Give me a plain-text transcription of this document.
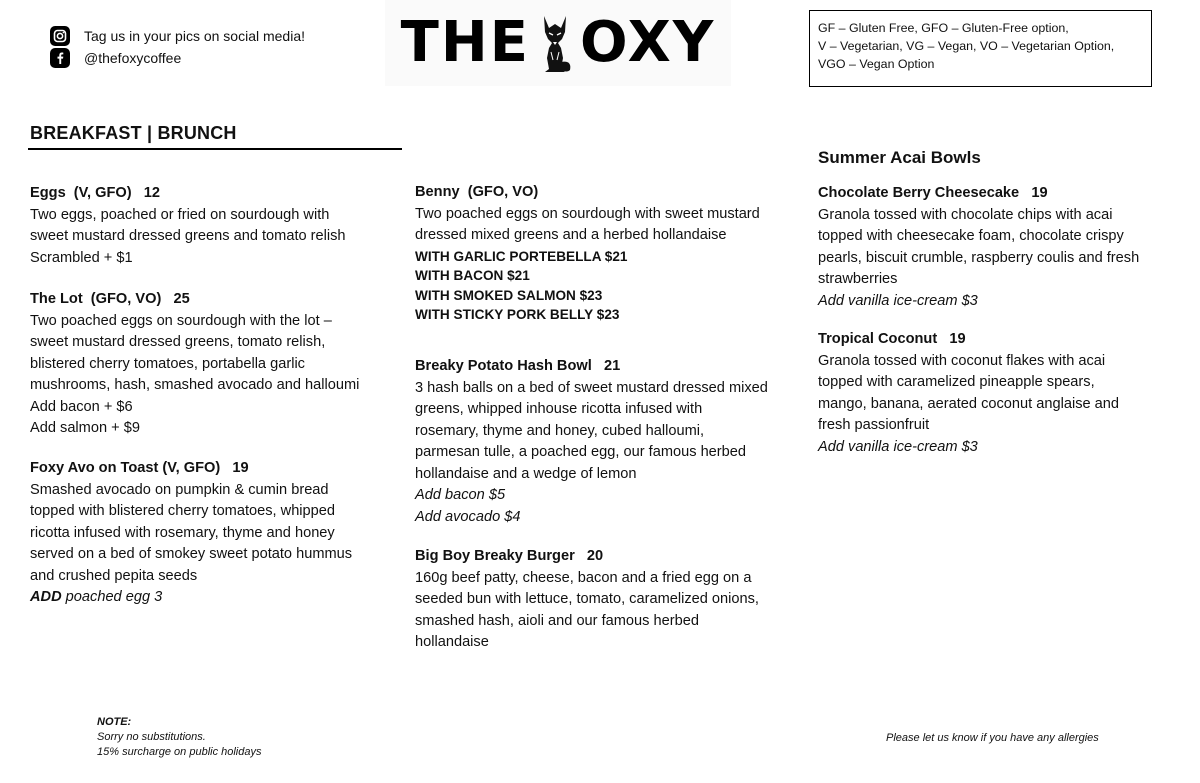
Tag us in your pics on social media!
@thefoxycoffee	THE OXY	GF – Gluten Free, GFO – Gluten-Free option,
V – Vegetarian, VG – Vegan, VO – Vegetarian Option,
VGO – Vegan Option
BREAKFAST | BRUNCH
Summer Acai Bowls
Eggs  (V, GFO)   12
Two eggs, poached or fried on sourdough with
sweet mustard dressed greens and tomato relish
Scrambled + $1
The Lot  (GFO, VO)   25
Two poached eggs on sourdough with the lot –
sweet mustard dressed greens, tomato relish,
blistered cherry tomatoes, portabella garlic
mushrooms, hash, smashed avocado and halloumi
Add bacon + $6
Add salmon + $9
Foxy Avo on Toast (V, GFO)   19
Smashed avocado on pumpkin & cumin bread
topped with blistered cherry tomatoes, whipped
ricotta infused with rosemary, thyme and honey
served on a bed of smokey sweet potato hummus
and crushed pepita seeds
ADD poached egg 3
Benny  (GFO, VO)
Two poached eggs on sourdough with sweet mustard
dressed mixed greens and a herbed hollandaise
WITH GARLIC PORTEBELLA $21
WITH BACON $21
WITH SMOKED SALMON $23
WITH STICKY PORK BELLY $23
Breaky Potato Hash Bowl   21
3 hash balls on a bed of sweet mustard dressed mixed
greens, whipped inhouse ricotta infused with
rosemary, thyme and honey, cubed halloumi,
parmesan tulle, a poached egg, our famous herbed
hollandaise and a wedge of lemon
Add bacon $5
Add avocado $4
Big Boy Breaky Burger   20
160g beef patty, cheese, bacon and a fried egg on a
seeded bun with lettuce, tomato, caramelized onions,
smashed hash, aioli and our famous herbed
hollandaise
Chocolate Berry Cheesecake   19
Granola tossed with chocolate chips with acai
topped with cheesecake foam, chocolate crispy
pearls, biscuit crumble, raspberry coulis and fresh
strawberries
Add vanilla ice-cream $3
Tropical Coconut   19
Granola tossed with coconut flakes with acai
topped with caramelized pineapple spears,
mango, banana, aerated coconut anglaise and
fresh passionfruit
Add vanilla ice-cream $3
NOTE:
Sorry no substitutions.
15% surcharge on public holidays
Please let us know if you have any allergies
